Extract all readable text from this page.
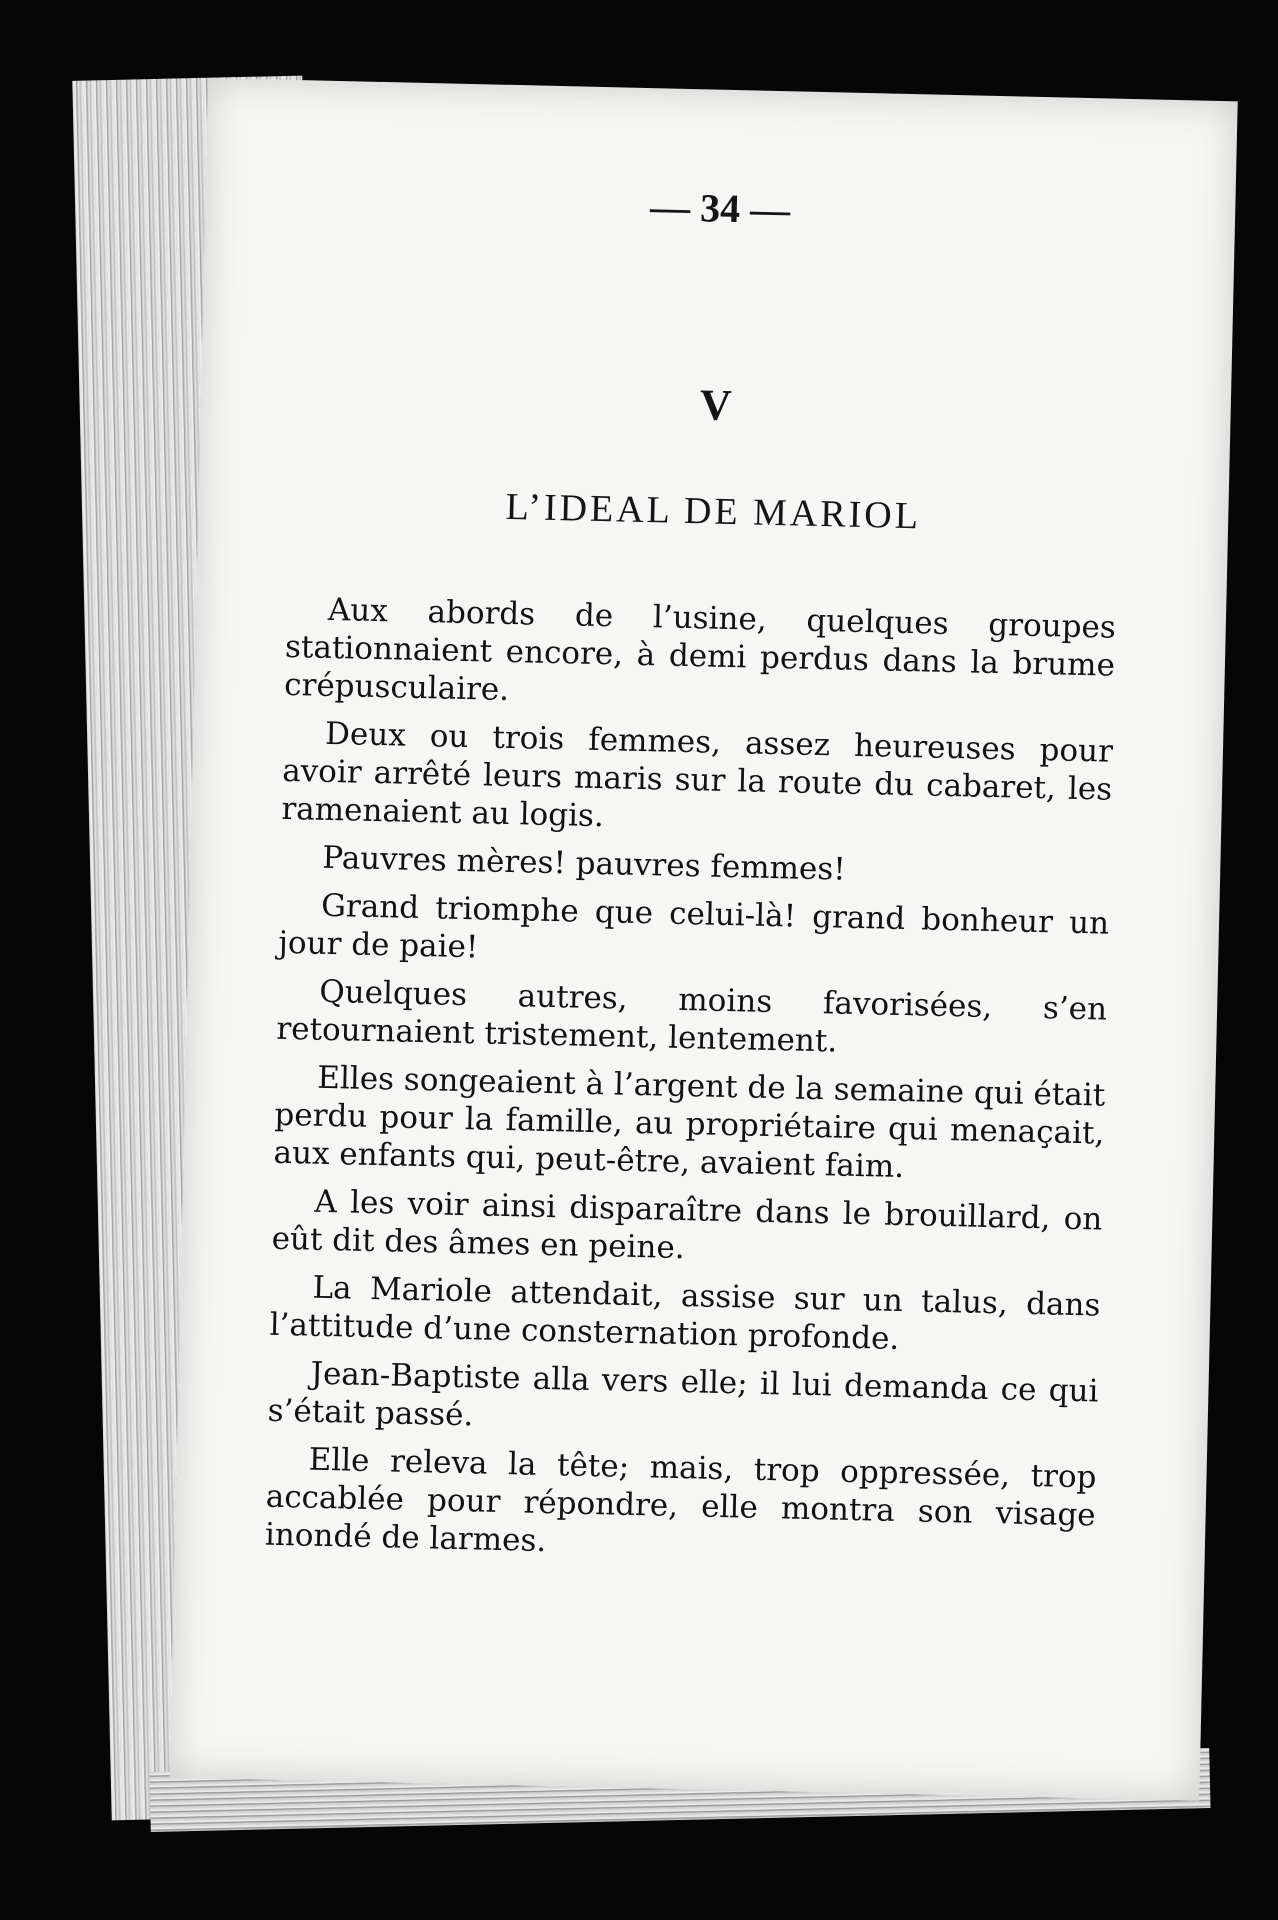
— 34 —
V
L’IDEAL DE MARIOL

Aux abords de l’usine, quelques groupes stationnaient encore, à demi perdus dans la brume crépusculaire.

Deux ou trois femmes, assez heureuses pour avoir arrêté leurs maris sur la route du cabaret, les ramenaient au logis.

Pauvres mères! pauvres femmes!

Grand triomphe que celui-là! grand bonheur un jour de paie!

Quelques autres, moins favorisées, s’en retournaient tristement, lentement.

Elles songeaient à l’argent de la semaine qui était perdu pour la famille, au propriétaire qui menaçait, aux enfants qui, peut-être, avaient faim.

A les voir ainsi disparaître dans le brouillard, on eût dit des âmes en peine.

La Mariole attendait, assise sur un talus, dans l’attitude d’une consternation profonde.

Jean-Baptiste alla vers elle; il lui demanda ce qui s’était passé.

Elle releva la tête; mais, trop oppressée, trop accablée pour répondre, elle montra son visage inondé de larmes.
